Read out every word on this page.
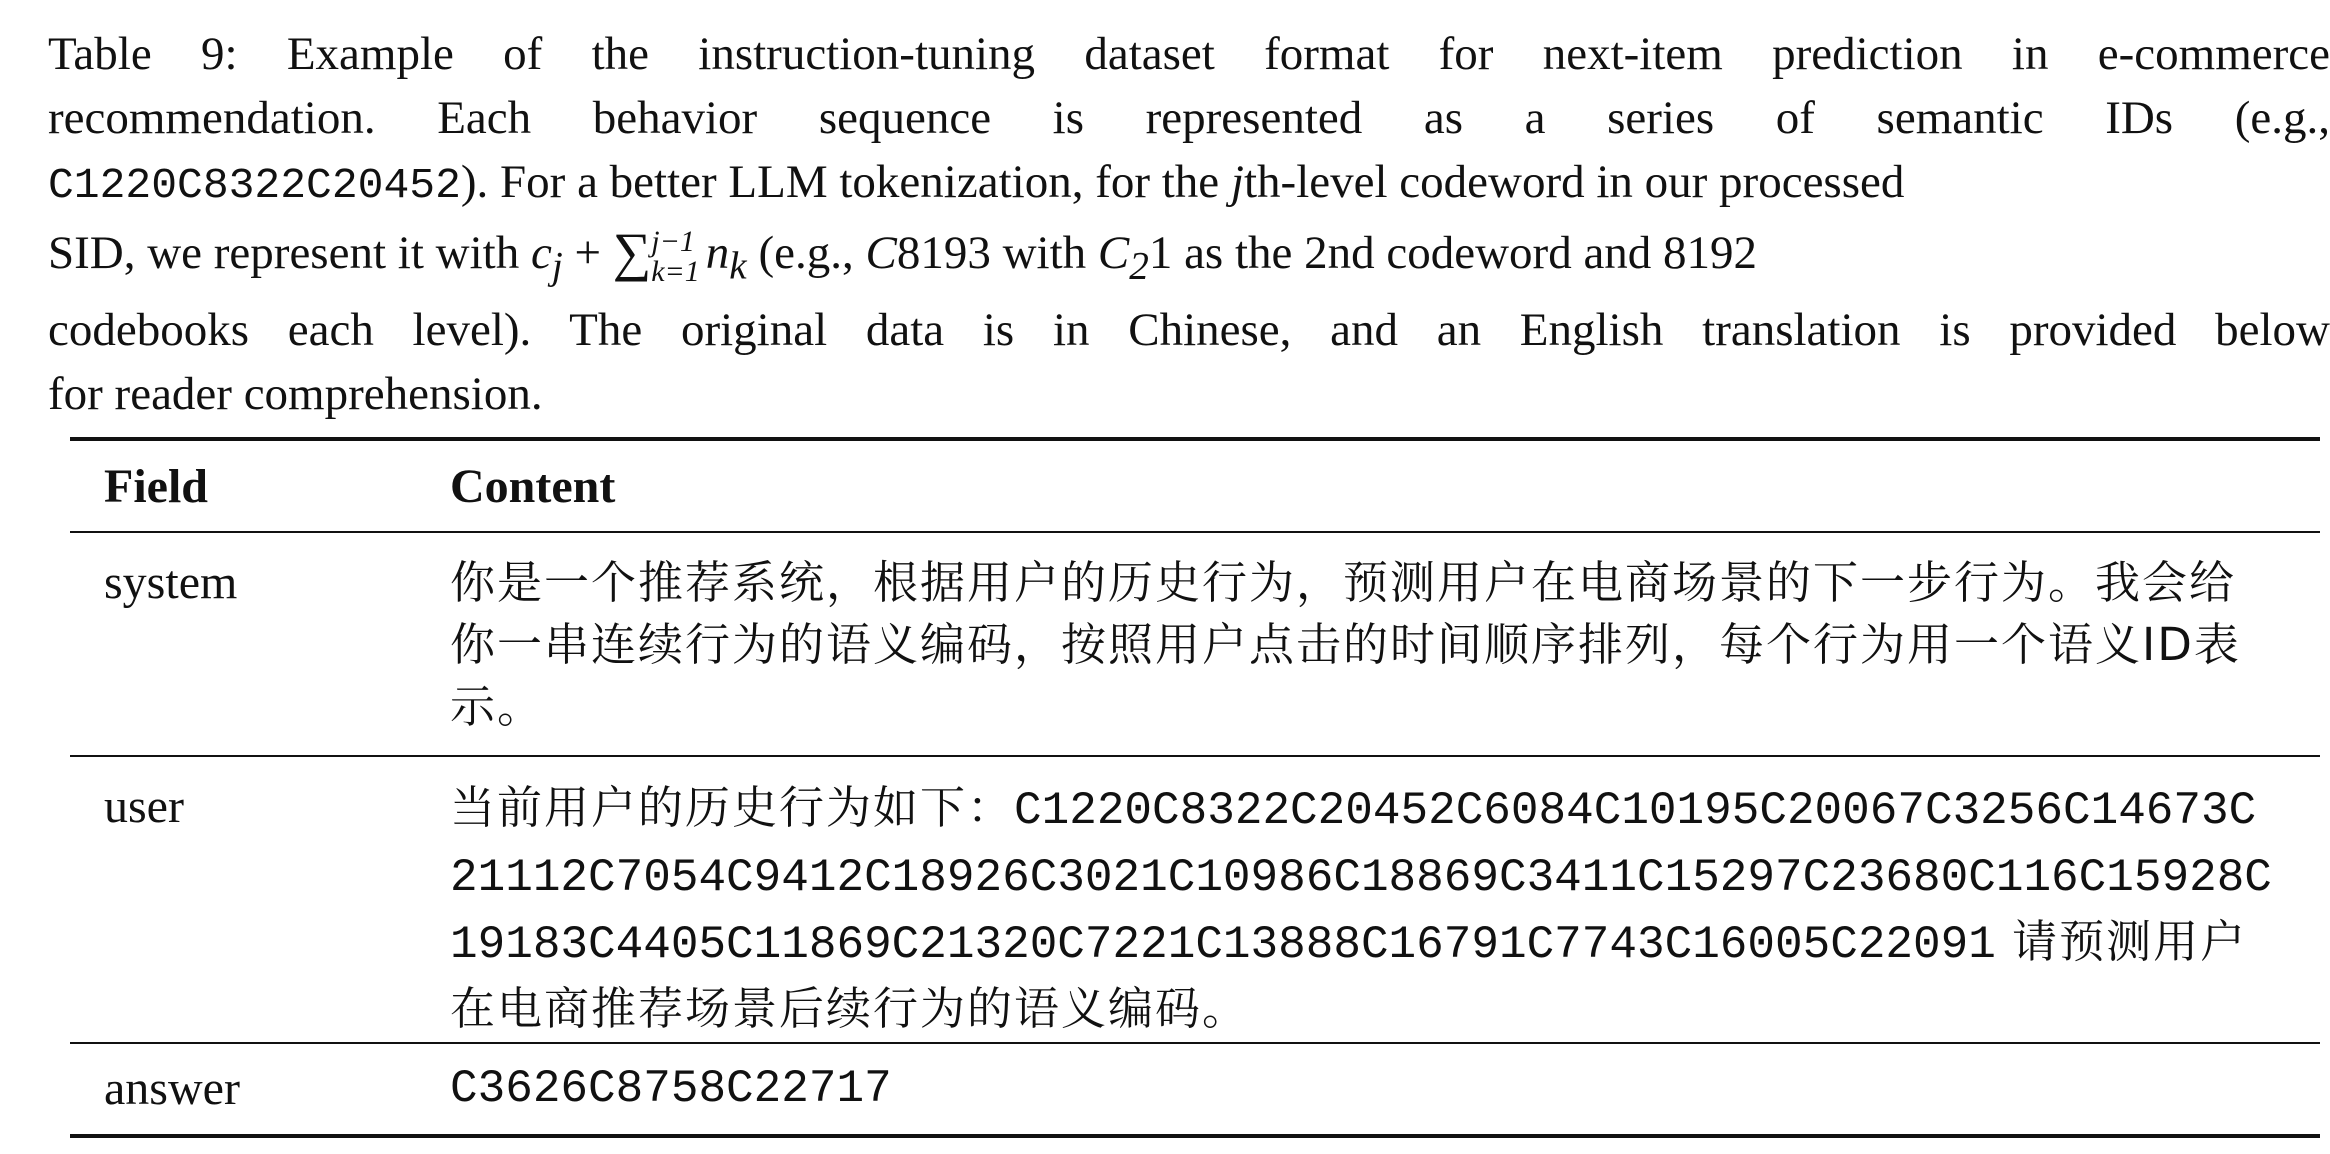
Table 9: Example of the instruction-tuning dataset format for next-item prediction in e-commerce
recommendation. Each behavior sequence is represented as a series of semantic IDs (e.g.,
C1220C8322C20452). For a better LLM tokenization, for the jth-level codeword in our processed
SID, we represent it with $c_j$ + ∑ j−1
k=1 $n_k$ (e.g., C8193 with $C_21$ as the 2nd codeword and 8192
codebooks each level). The original data is in Chinese, and an English translation is provided below
for reader comprehension.
Field	Content
system	你是一个推荐系统，根据用户的历史行为，预测用户在电商场景的下一步行为。我会给你一串连续行为的语义编码，按照用户点击的时间顺序排列，每个行为用一个语义ID表示。
user	当前用户的历史行为如下：C1220C8322C20452C6084C10195C20067C3256C14673C21112C7054C9412C18926C3021C10986C18869C3411C15297C23680C116C15928C19183C4405C11869C21320C7221C13888C16791C7743C16005C22091 请预测用户在电商推荐场景后续行为的语义编码。
answer	C3626C8758C22717
